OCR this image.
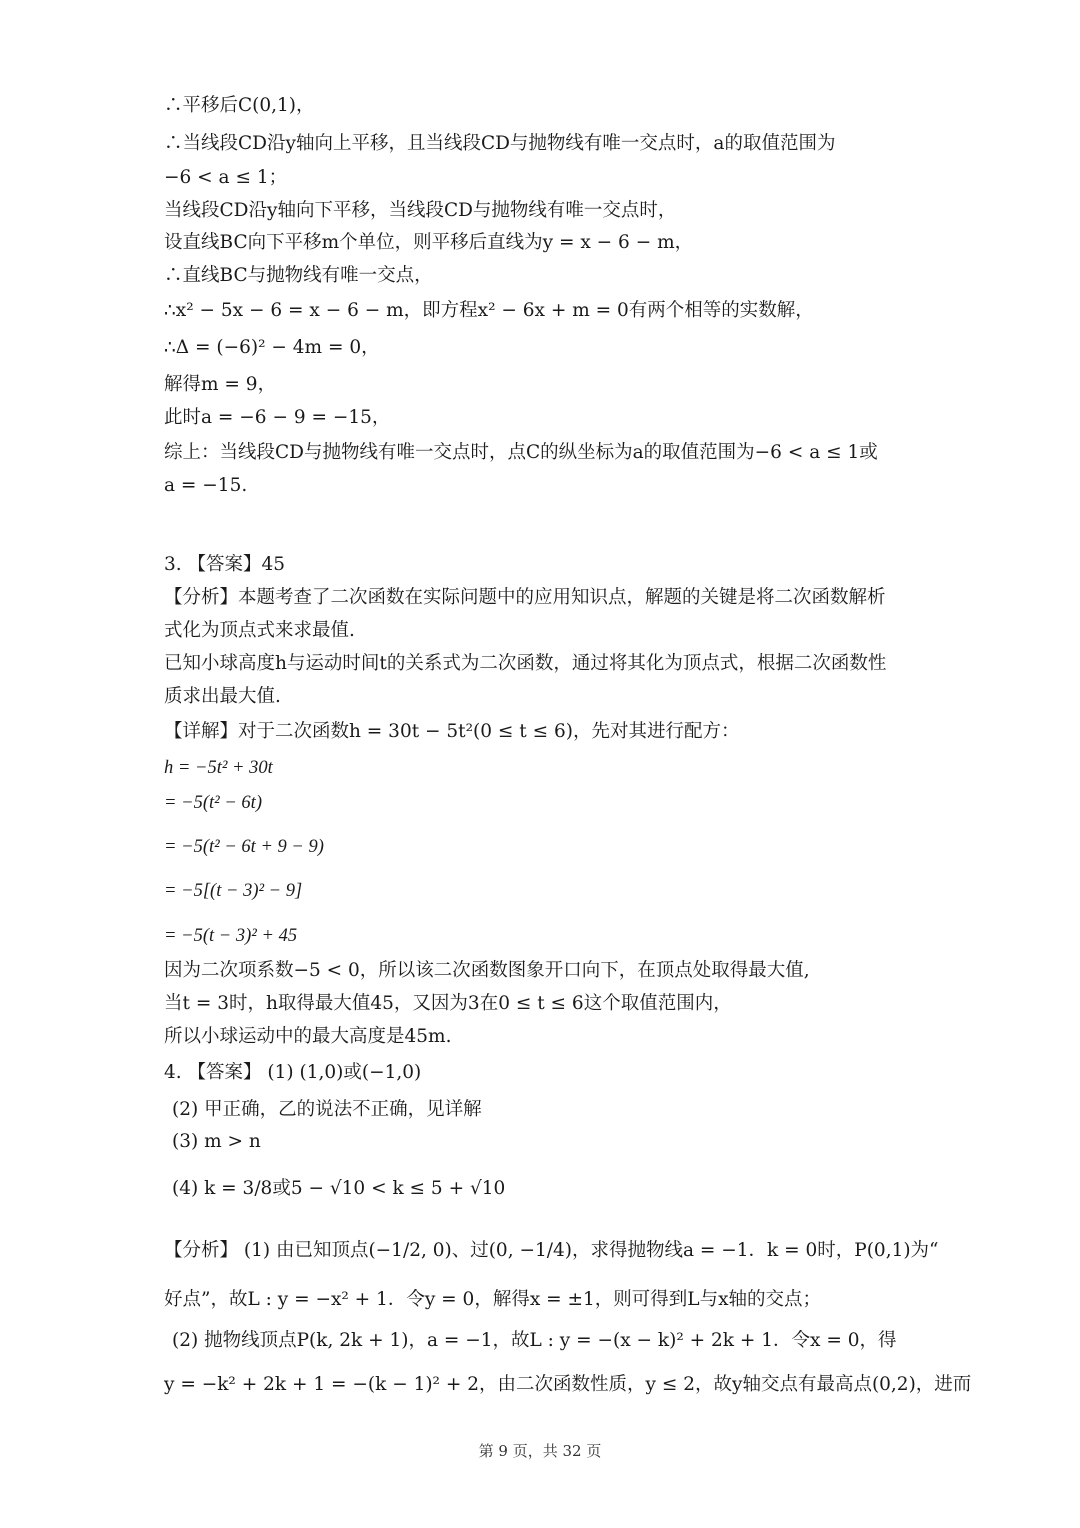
∴平移后C(0,1)，
∴当线段CD沿y轴向上平移，且当线段CD与抛物线有唯一交点时，a的取值范围为
−6 < a ≤ 1；
当线段CD沿y轴向下平移，当线段CD与抛物线有唯一交点时，
设直线BC向下平移m个单位，则平移后直线为y = x − 6 − m，
∴直线BC与抛物线有唯一交点，
∴x² − 5x − 6 = x − 6 − m，即方程x² − 6x + m = 0有两个相等的实数解，
∴Δ = (−6)² − 4m = 0，
解得m = 9，
此时a = −6 − 9 = −15，
综上：当线段CD与抛物线有唯一交点时，点C的纵坐标为a的取值范围为−6 < a ≤ 1或
a = −15.
3. 【答案】45
【分析】本题考查了二次函数在实际问题中的应用知识点，解题的关键是将二次函数解析
式化为顶点式来求最值.
已知小球高度h与运动时间t的关系式为二次函数，通过将其化为顶点式，根据二次函数性
质求出最大值.
【详解】对于二次函数h = 30t − 5t²(0 ≤ t ≤ 6)，先对其进行配方：
h = −5t² + 30t
= −5(t² − 6t)
= −5(t² − 6t + 9 − 9)
= −5[(t − 3)² − 9]
= −5(t − 3)² + 45
因为二次项系数−5 < 0，所以该二次函数图象开口向下，在顶点处取得最大值,
当t = 3时，h取得最大值45，又因为3在0 ≤ t ≤ 6这个取值范围内，
所以小球运动中的最大高度是45m.
4. 【答案】 (1) (1,0)或(−1,0)
(2) 甲正确，乙的说法不正确，见详解
(3) m > n
(4) k = 3/8或5 − √10 < k ≤ 5 + √10
【分析】 (1) 由已知顶点(−1/2, 0)、过(0, −1/4)，求得抛物线a = −1．k = 0时，P(0,1)为“
好点”，故L : y = −x² + 1．令y = 0，解得x = ±1，则可得到L与x轴的交点；
(2) 抛物线顶点P(k, 2k + 1)，a = −1，故L : y = −(x − k)² + 2k + 1．令x = 0，得
y = −k² + 2k + 1 = −(k − 1)² + 2，由二次函数性质，y ≤ 2，故y轴交点有最高点(0,2)，进而
第 9 页，共 32 页
